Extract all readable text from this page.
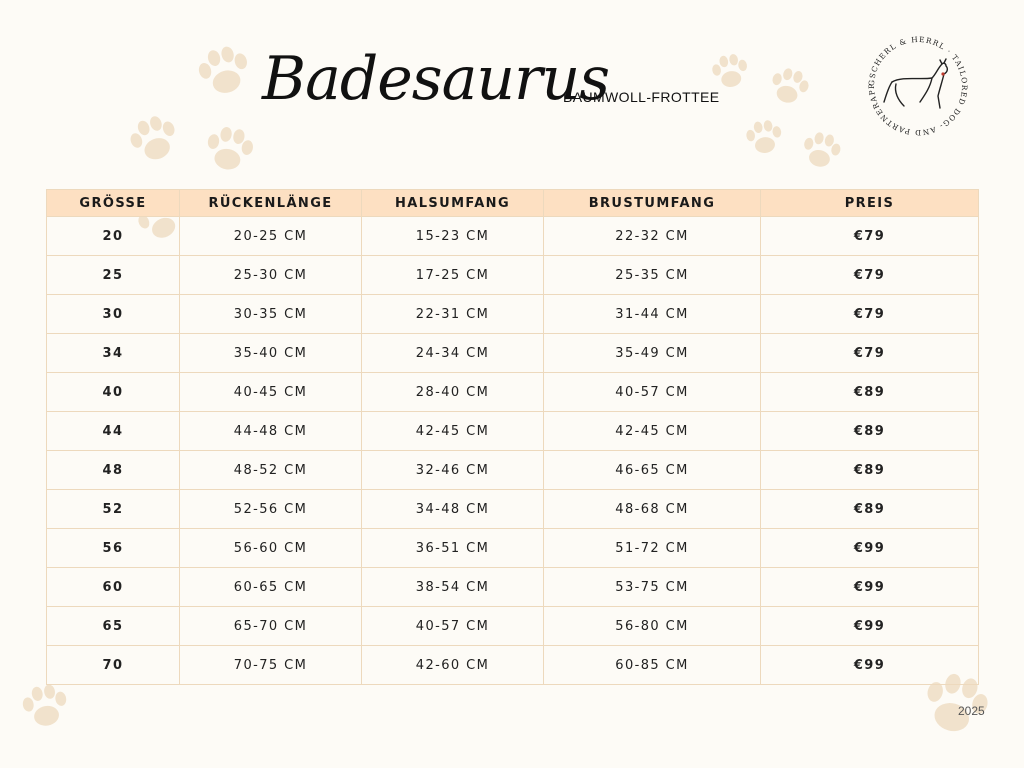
Badesaurus
BAUMWOLL-FROTTEE
GSCHERL & HERRL · TAILORED DOG- AND PARTNERAPP
GRÖSSE	RÜCKENLÄNGE	HALSUMFANG	BRUSTUMFANG	PREIS
20	20-25 CM	15-23 CM	22-32 CM	€79
25	25-30 CM	17-25 CM	25-35 CM	€79
30	30-35 CM	22-31 CM	31-44 CM	€79
34	35-40 CM	24-34 CM	35-49 CM	€79
40	40-45 CM	28-40 CM	40-57 CM	€89
44	44-48 CM	42-45 CM	42-45 CM	€89
48	48-52 CM	32-46 CM	46-65 CM	€89
52	52-56 CM	34-48 CM	48-68 CM	€89
56	56-60 CM	36-51 CM	51-72 CM	€99
60	60-65 CM	38-54 CM	53-75 CM	€99
65	65-70 CM	40-57 CM	56-80 CM	€99
70	70-75 CM	42-60 CM	60-85 CM	€99
2025
